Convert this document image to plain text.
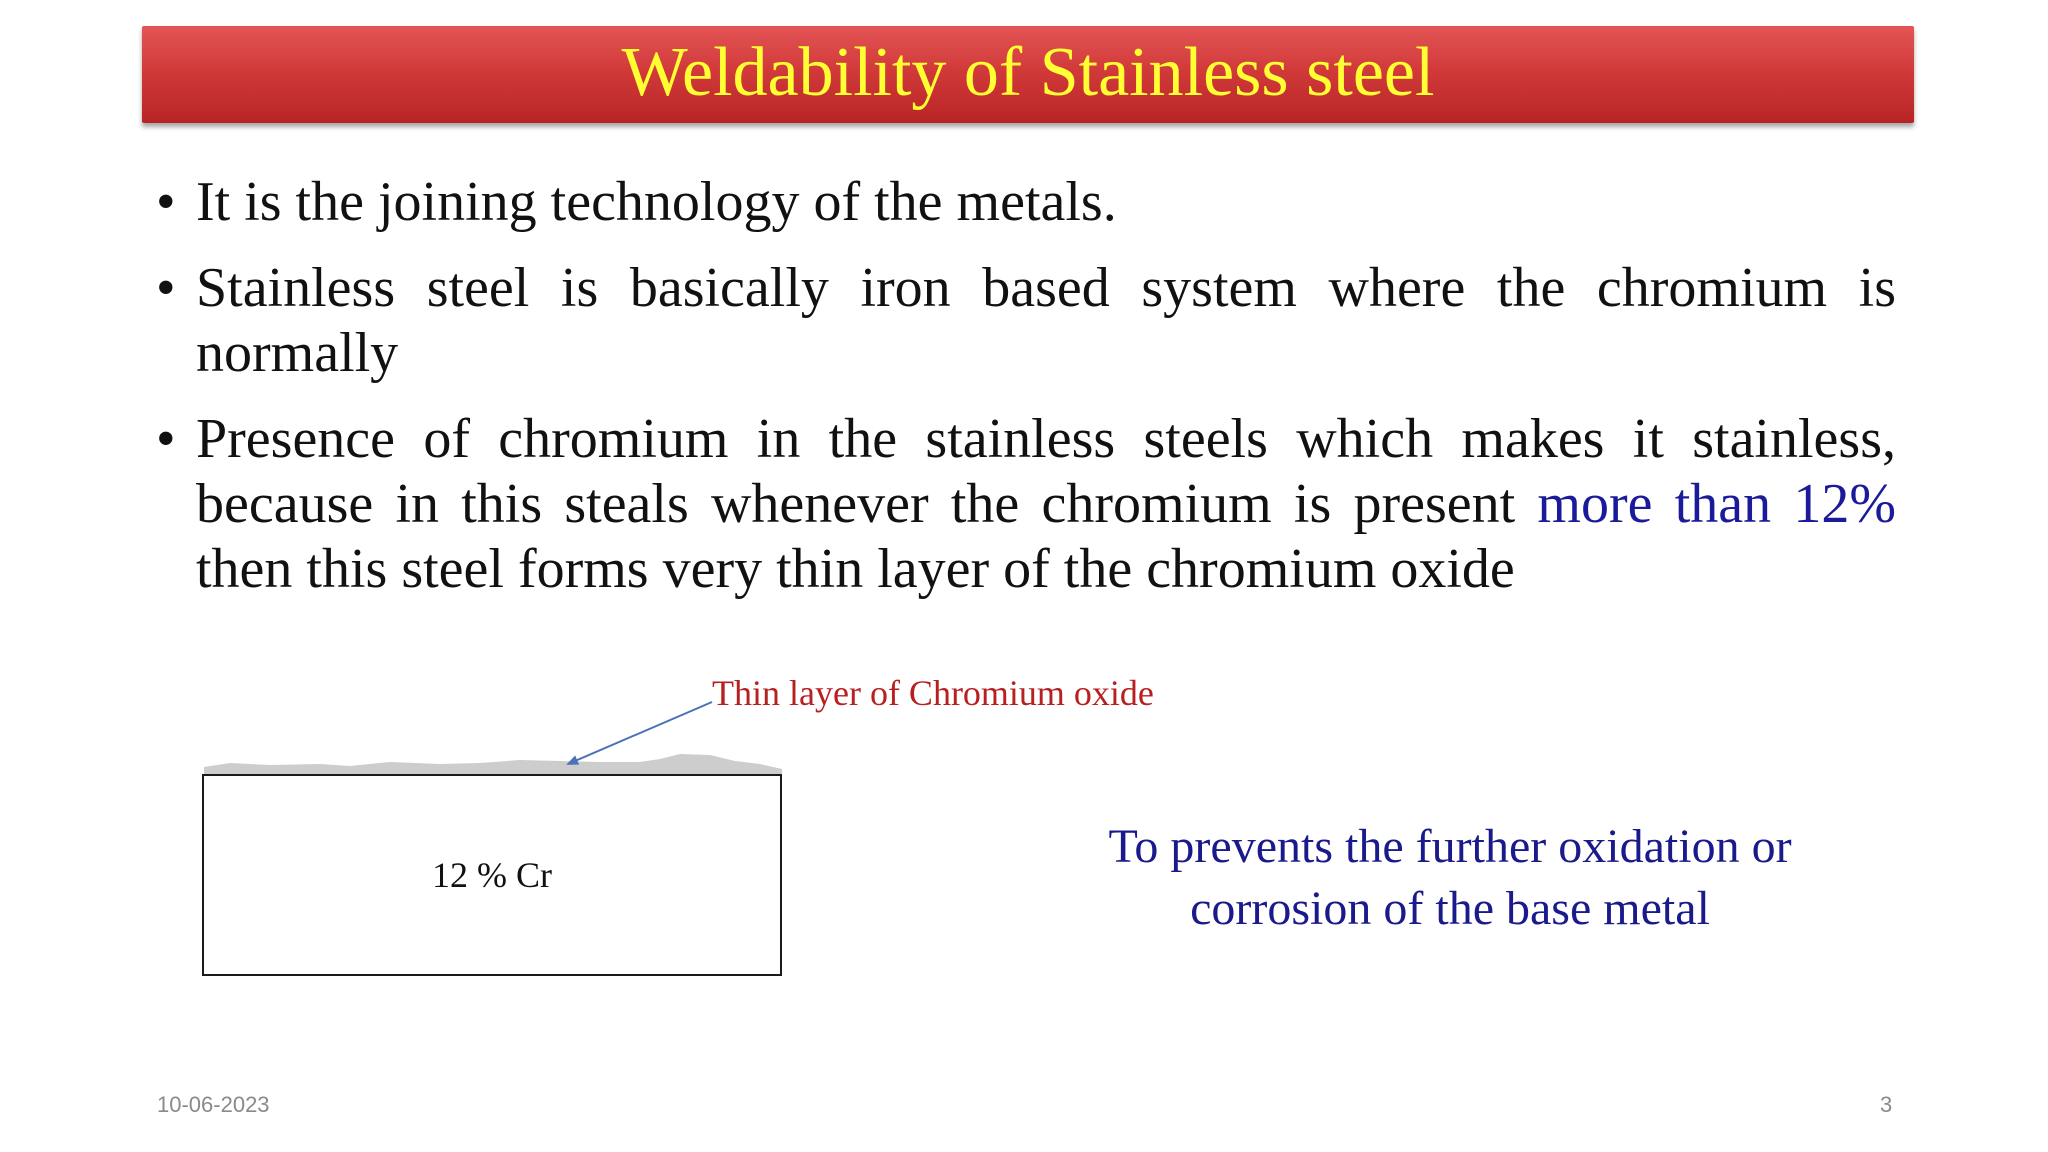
Weldability of Stainless steel
• It is the joining technology of the metals.
• Stainless steel is basically iron based system where the chromium is normally
• Presence of chromium in the stainless steels which makes it stainless, because in this steals whenever the chromium is present more than 12% then this steel forms very thin layer of the chromium oxide
12 % Cr
Thin layer of Chromium oxide
To prevents the further oxidation or corrosion of the base metal
10-06-2023	3
